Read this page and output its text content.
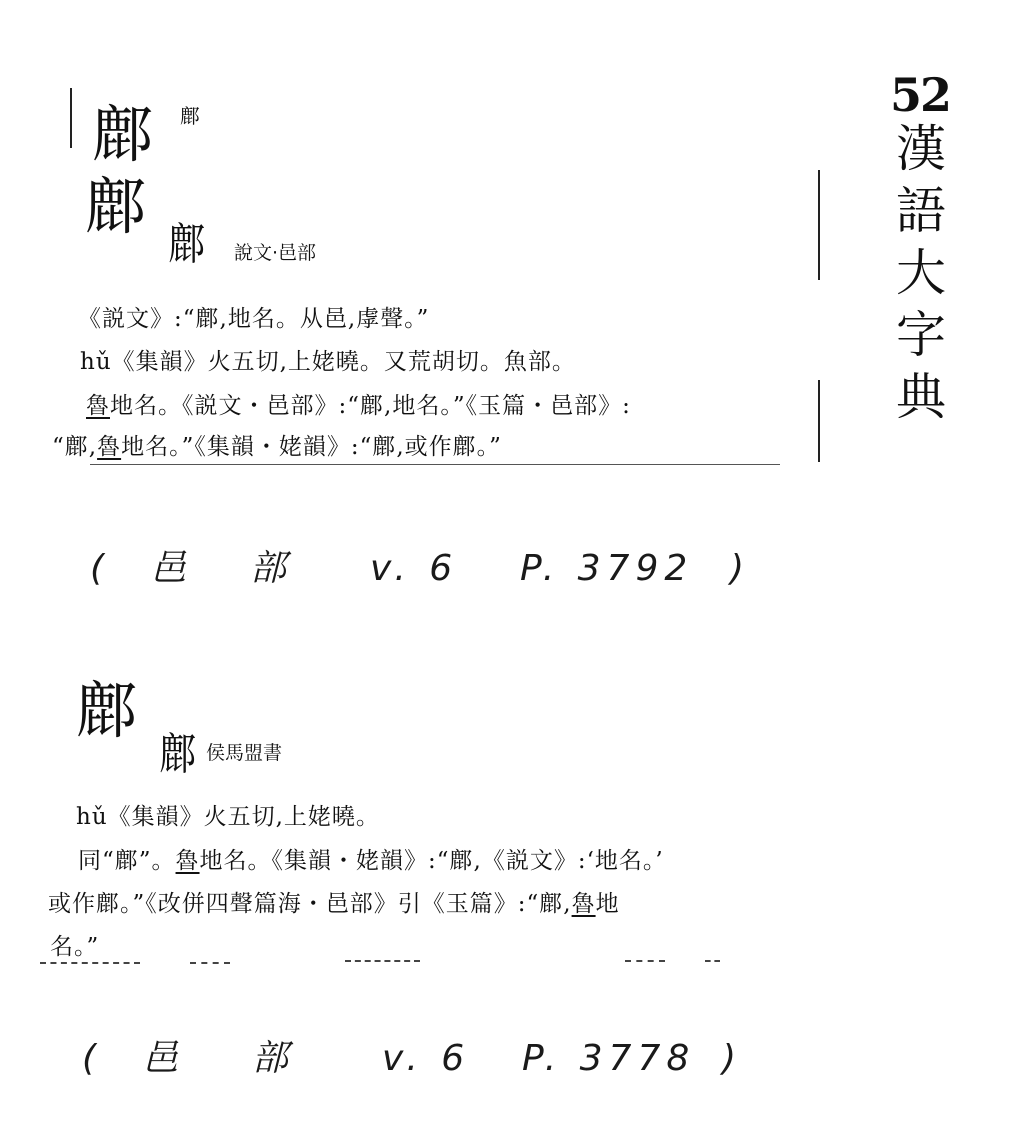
52
漢語大字典
鄜 鄜
鄜
鄜 說文·邑部
《説文》:“鄜,地名。从邑,虖聲。”
hǔ《集韻》火五切,上姥曉。又荒胡切。魚部。
魯地名。《説文・邑部》:“鄜,地名。”《玉篇・邑部》:
“鄜,魯地名。”《集韻・姥韻》:“鄜,或作鄜。”
( 邑 部 v. 6 P. 3792 )
鄜
鄜 侯馬盟書
hǔ《集韻》火五切,上姥曉。
同“鄜”。魯地名。《集韻・姥韻》:“鄜,《説文》:‘地名。’
或作鄜。”《改併四聲篇海・邑部》引《玉篇》:“鄜,魯地
名。”
( 邑 部 v. 6 P. 3778 )
